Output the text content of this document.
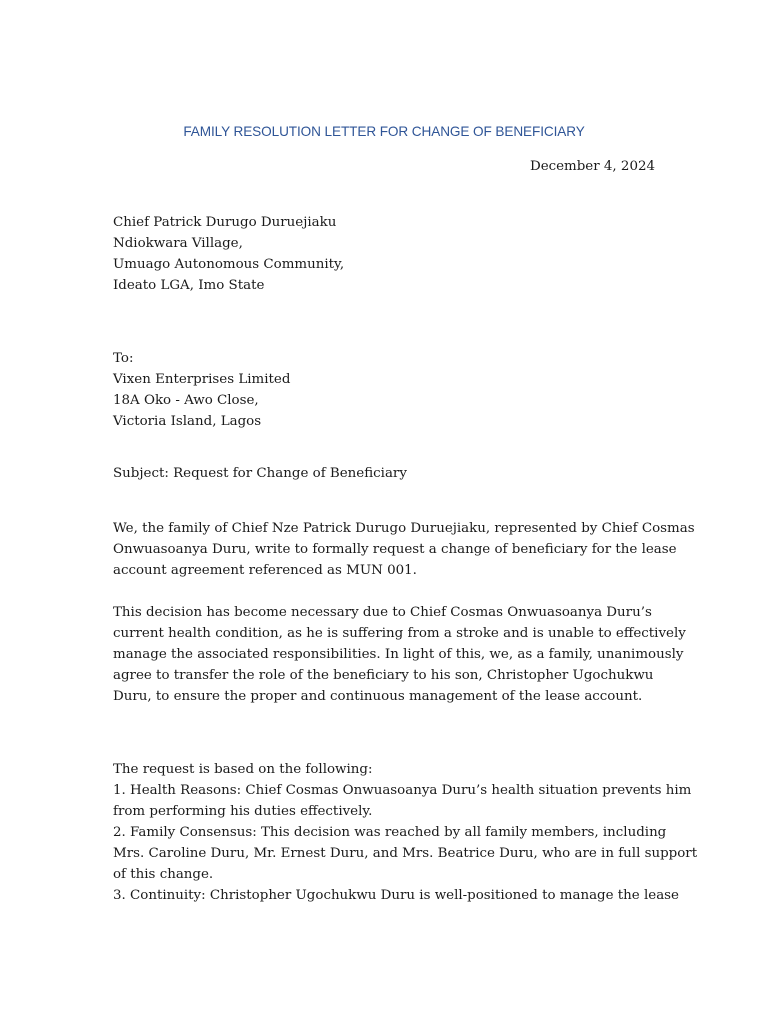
FAMILY RESOLUTION LETTER FOR CHANGE OF BENEFICIARY
December 4, 2024
Chief Patrick Durugo Duruejiaku
Ndiokwara Village,
Umuago Autonomous Community,
Ideato LGA, Imo State
To:
Vixen Enterprises Limited
18A Oko - Awo Close,
Victoria Island, Lagos
Subject: Request for Change of Beneficiary
We, the family of Chief Nze Patrick Durugo Duruejiaku, represented by Chief Cosmas
Onwuasoanya Duru, write to formally request a change of beneficiary for the lease
account agreement referenced as MUN 001.
This decision has become necessary due to Chief Cosmas Onwuasoanya Duru’s
current health condition, as he is suffering from a stroke and is unable to effectively
manage the associated responsibilities. In light of this, we, as a family, unanimously
agree to transfer the role of the beneficiary to his son, Christopher Ugochukwu
Duru, to ensure the proper and continuous management of the lease account.
The request is based on the following:
1. Health Reasons: Chief Cosmas Onwuasoanya Duru’s health situation prevents him
from performing his duties effectively.
2. Family Consensus: This decision was reached by all family members, including
Mrs. Caroline Duru, Mr. Ernest Duru, and Mrs. Beatrice Duru, who are in full support
of this change.
3. Continuity: Christopher Ugochukwu Duru is well-positioned to manage the lease
